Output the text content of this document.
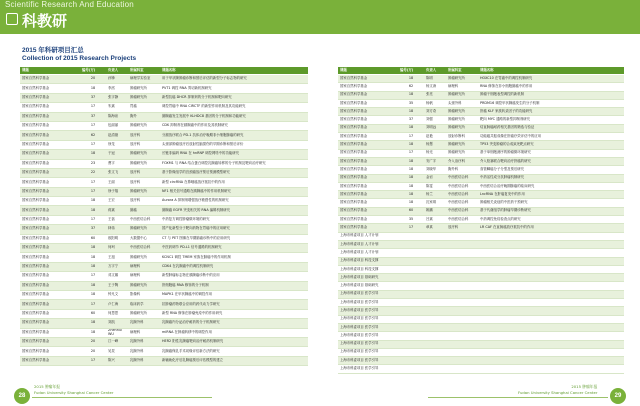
Scientific Research And Education
科教研
2015 年科研项目汇总
Collection of 2015 Research Projects
课题	编号(万)	负责人	所属科室	课题名称
国家自然科学基金	20	孙锋	病理学实验室	用于甲状腺肿瘤诊断和预后评估的新型分子标志物的研究
国家自然科学基金	18	李嵩	肿瘤研究所	PVT1 调控 RNA 剪切新机制研究
国家自然科学基金	37	张宇静	肿瘤研究所	新型抗癌 DHCR 抑制剂的分子机制和靶向研究
国家自然科学基金	17	朱斌	胃癌	调控胃癌中 RNA CIRCTF 的新型作用机制及其功能研究
国家自然科学基金	37	陈海泉	胸外	肺腺癌发生发展中 KLHDC8 基因的分子机制和功能研究
国家自然科学基金	17	包丽丽	肿瘤研究所	CDK 抑制剂在胰腺癌中的作用及其机制研究
国家自然科学基金	62	赵清绪	放疗科	分割放疗联合 PD-1 抗体治疗晚期非小细胞肺癌的研究
国家自然科学基金	17	徐龙	放疗科	头颈部肿瘤放疗后放射性脑损伤的早期诊断和预后评价
国家自然科学基金	18	于冠	肿瘤研究所	长链非编码 RNA 在 hnRNP 调控网络中的功能研究
国家自然科学基金	23	曹宇	肿瘤研究所	FOXM1 与 RNA 结合蛋白调控乳腺癌转移的分子机制及靶向治疗研究
国家自然科学基金	22	张文飞	放疗科	基于影像组学的宫颈癌放疗预后预测模型研究
国家自然科学基金	17	王丽	放疗科	新型 circRNA 在鼻咽癌放疗抵抗中的作用
国家自然科学基金	17	徐子翔	肿瘤研究所	NF1 相关信号通路在胰腺癌中的作用机制研究
国家自然科学基金	18	王宏	放疗科	Aurora A 抑制剂增强放疗敏感性的机制研究
国家自然科学基金	18	蒋斌	肺癌	肺腺癌 EGFR 突变相关的 RNA 编辑机制研究
国家自然科学基金	17	王蓓	中西医结合科	中药复方调控肿瘤微环境的研究
国家自然科学基金	37	林伟	肿瘤研究所	国产化新型分子靶向药物在胃癌中的应用研究
国家自然科学基金	60	欧阳明	大数据中心	CT 与 PET 图像在早期肺癌诊断中的应用研究
国家自然科学基金	18	何珂	中西医结合科	中医药调节 PD-L1 信号通路的机制研究
国家自然科学基金	18	王旭	肿瘤研究所	KCNC1 调控 TMEM 家族在肺癌中的作用机制
国家自然科学基金	18	万宇宁	病理科	CDK4 在乳腺癌中的调控机制研究
国家自然科学基金	17	邓文娜	病理科	新型肿瘤标志物在胰腺癌诊断中的应用
国家自然科学基金	18	王子陶	肿瘤研究所	肝细胞癌 RNA 修饰的分子机制
国家自然科学基金	18	钟凡文	影像科	MAPK1 在甲状腺癌中的调控作用
国家自然科学基金	17	卢仁海	临床药学	抗肿瘤药物联合应用的药代动力学研究
国家自然科学基金	60	何思思	肿瘤研究所	新型 RNA 修饰在肿瘤免疫中的作用研究
国家自然科学基金	18	刘凯	乳腺外科	乳腺癌内分泌治疗耐药的分子机制研究
国家自然科学基金	18	Zhenhui WU	病理科	miRNA 在肿瘤转移中的调控作用
国家自然科学基金	20	江一峰	乳腺外科	HER2 阳性乳腺癌靶向治疗耐药机制研究
国家自然科学基金	20	吴炅	乳腺外科	乳腺癌保乳手术切缘评估新方法的研究
国家自然科学基金	17	陈兴	乳腺外科	新辅助化疗后乳腺癌预后评估模型的建立
课题	编号(万)	负责人	所属科室	课题名称
国家自然科学基金	18	陈明	肿瘤研究所	HOXC10 在胃癌中的调控机制研究
国家自然科学基金	62	杨文涛	病理科	RNA 修饰在非小细胞肺癌中的作用
国家自然科学基金	18	张亮	肿瘤研究所	肿瘤干细胞表型调控的新机制
国家自然科学基金	35	杨帆	头颈外科	PRDM16 调控甲状腺癌发生的分子机制
国家自然科学基金	18	刘方奇	肿瘤研究所	肝癌 KLF 家族转录因子的功能研究
国家自然科学基金	37	刘强	肿瘤研究所	靶向 MYC 通路的新型抑制剂研究
国家自然科学基金	18	刘明远	肿瘤研究所	结直肠癌耐药相关基因的筛选与验证
国家自然科学基金	17	赵艳	放射诊断科	功能磁共振成像在肝癌疗效评估中的应用
国家自然科学基金	18	杨慧	肿瘤研究所	TP53 突变肿瘤的合成致死靶点研究
国家自然科学基金	17	杨光	肿瘤研究所	基于单细胞测序的肿瘤微环境研究
国家自然科学基金	18	安广宇	介入治疗科	介入栓塞联合靶向治疗肝癌的研究
国家自然科学基金	18	刘晓华	胸外科	食管鳞癌分子分型及预后研究
国家自然科学基金	18	金岩	中西医结合科	中药活性成分抗肿瘤机制研究
国家自然科学基金	18	陈雯	中西医结合科	中西医结合治疗晚期肺癌的临床研究
国家自然科学基金	18	杨兰	中西医结合科	LncRNA 在肝癌复发中的作用
国家自然科学基金	18	沈家琪	中西医结合科	肿瘤相关炎症的中医药干预研究
国家自然科学基金	60	姚鹏	中西医结合科	基于代谢组学的肿瘤早期诊断研究
国家自然科学基金	35	吕斌	中西医结合科	中药调控免疫检查点的研究
国家自然科学基金	17	章真	放疗科	LR CAF 在直肠癌放疗抵抗中的作用
上海市科委项目 人才计划				
上海市科委项目 人才计划				
上海市科委项目 人才计划				
上海市科委项目 科技支撑				
上海市科委项目 科技支撑				
上海市科委项目 基础研究				
上海市科委项目 基础研究				
上海市科委项目 医学引导				
上海市科委项目 医学引导				
上海市科委项目 医学引导				
上海市科委项目 医学引导				
上海市科委项目 医学引导				
上海市科委项目 医学引导				
上海市科委项目 医学引导				
上海市科委项目 医学引导				
上海市科委项目 医学引导				
上海市科委项目 医学引导				
28
2015 肿瘤年报
Fudan University Shanghai Cancer Center
29
2015 肿瘤年报
Fudan University Shanghai Cancer Center
